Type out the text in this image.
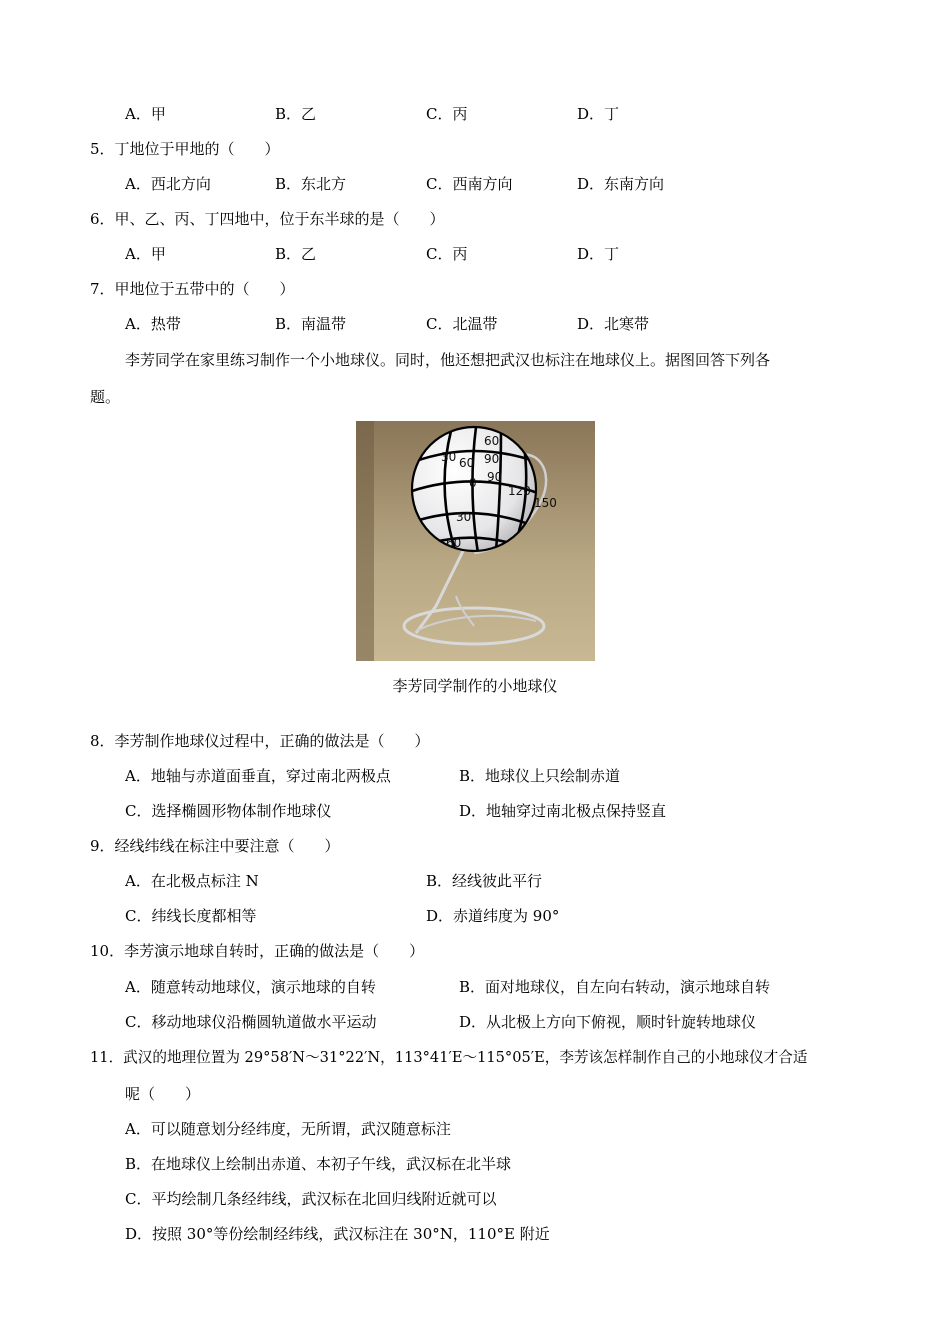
A．甲	B．乙	C．丙	D．丁
5．丁地位于甲地的（　　）
A．西北方向	B．东北方	C．西南方向	D．东南方向
6．甲、乙、丙、丁四地中，位于东半球的是（　　）
A．甲	B．乙	C．丙	D．丁
7．甲地位于五带中的（　　）
A．热带	B．南温带	C．北温带	D．北寒带
李芳同学在家里练习制作一个小地球仪。同时，他还想把武汉也标注在地球仪上。据图回答下列各
题。
60
30 60 90
0 90
120
150
30
60
李芳同学制作的小地球仪
8．李芳制作地球仪过程中，正确的做法是（　　）
A．地轴与赤道面垂直，穿过南北两极点	B．地球仪上只绘制赤道
C．选择椭圆形物体制作地球仪	D．地轴穿过南北极点保持竖直
9．经线纬线在标注中要注意（　　）
A．在北极点标注 N	B．经线彼此平行
C．纬线长度都相等	D．赤道纬度为 90°
10．李芳演示地球自转时，正确的做法是（　　）
A．随意转动地球仪，演示地球的自转	B．面对地球仪，自左向右转动，演示地球自转
C．移动地球仪沿椭圆轨道做水平运动	D．从北极上方向下俯视，顺时针旋转地球仪
11．武汉的地理位置为 29°58′N～31°22′N，113°41′E～115°05′E，李芳该怎样制作自己的小地球仪才合适
呢（　　）
A．可以随意划分经纬度，无所谓，武汉随意标注
B．在地球仪上绘制出赤道、本初子午线，武汉标在北半球
C．平均绘制几条经纬线，武汉标在北回归线附近就可以
D．按照 30°等份绘制经纬线，武汉标注在 30°N，110°E 附近
